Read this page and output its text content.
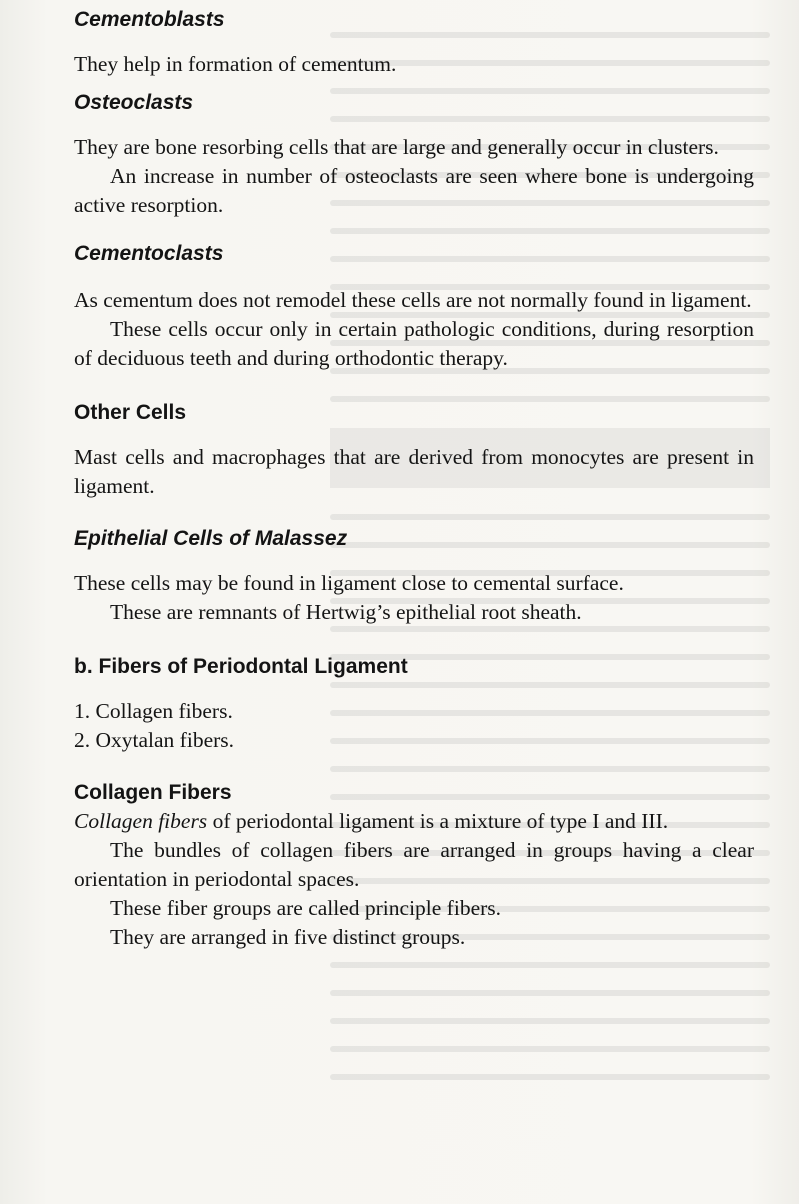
Cementoblasts

They help in formation of cementum.

Osteoclasts

They are bone resorbing cells that are large and generally occur in clusters.

An increase in number of osteoclasts are seen where bone is undergoing active resorption.

Cementoclasts

As cementum does not remodel these cells are not normally found in ligament.

These cells occur only in certain pathologic conditions, during resorption of deciduous teeth and during orthodontic therapy.

Other Cells

Mast cells and macrophages that are derived from monocytes are present in ligament.

Epithelial Cells of Malassez

These cells may be found in ligament close to cemental surface.

These are remnants of Hertwig’s epithelial root sheath.

b. Fibers of Periodontal Ligament
1. Collagen fibers.
2. Oxytalan fibers.
Collagen Fibers

Collagen fibers of periodontal ligament is a mixture of type I and III.

The bundles of collagen fibers are arranged in groups having a clear orientation in periodontal spaces.

These fiber groups are called principle fibers.

They are arranged in five distinct groups.
